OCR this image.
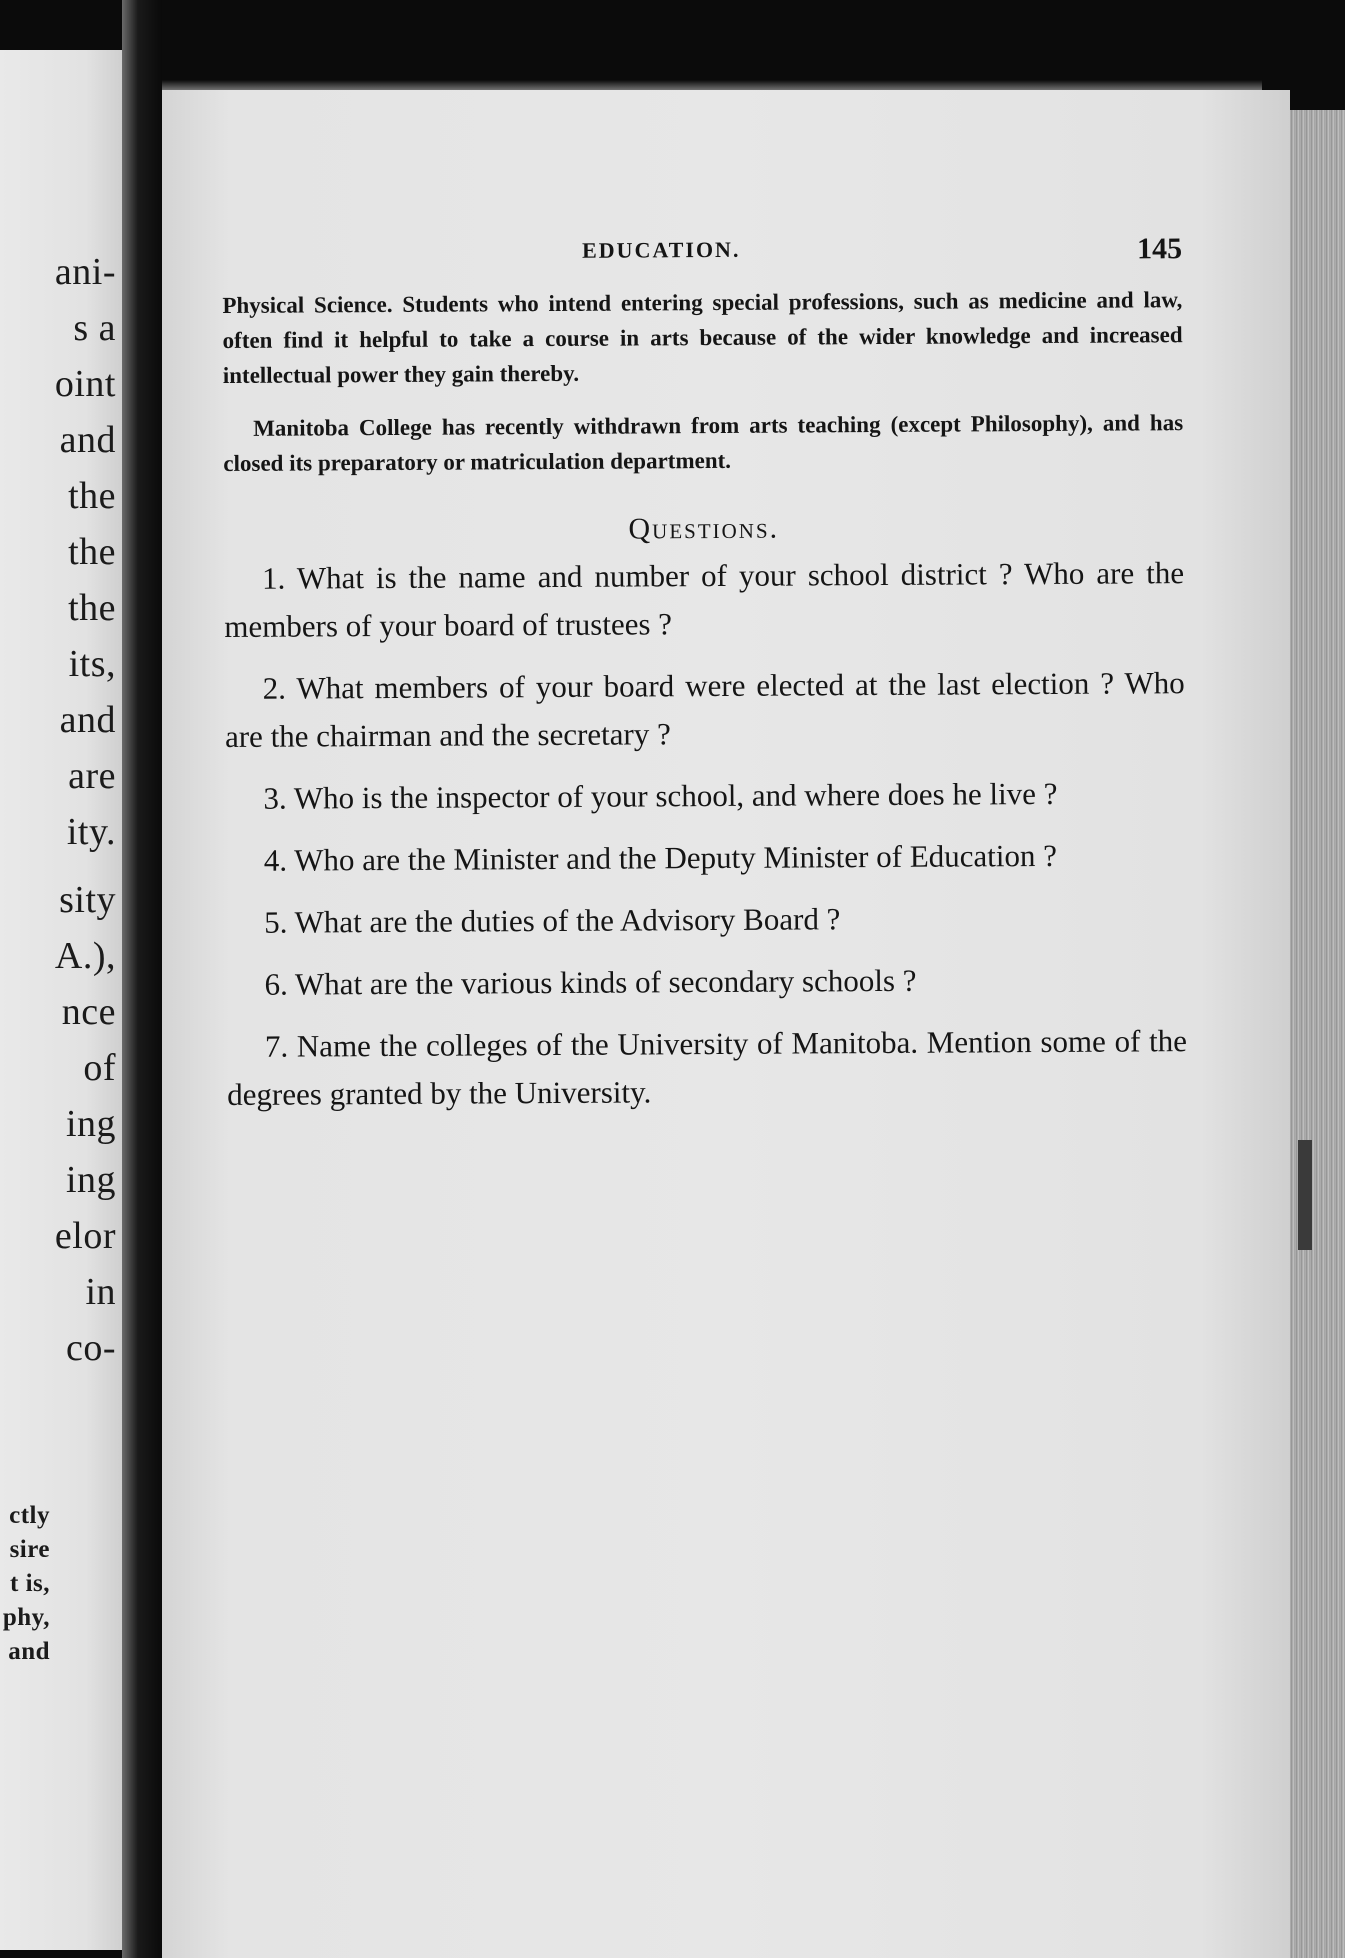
ani-
s a
oint
and
the
the
the
its,
and
are
ity.
sity
A.),
nce
of
ing
ing
elor
in
co-
ctly
sire
t is,
phy,
and
EDUCATION.	145

Physical Science. Students who intend entering special professions, such as medicine and law, often find it helpful to take a course in arts because of the wider knowledge and increased intellectual power they gain thereby.

Manitoba College has recently withdrawn from arts teaching (except Philosophy), and has closed its preparatory or matriculation department.

Questions.

1. What is the name and number of your school district ? Who are the members of your board of trustees ?

2. What members of your board were elected at the last election ? Who are the chairman and the secretary ?

3. Who is the inspector of your school, and where does he live ?

4. Who are the Minister and the Deputy Minister of Education ?

5. What are the duties of the Advisory Board ?

6. What are the various kinds of secondary schools ?

7. Name the colleges of the University of Manitoba. Mention some of the degrees granted by the University.
